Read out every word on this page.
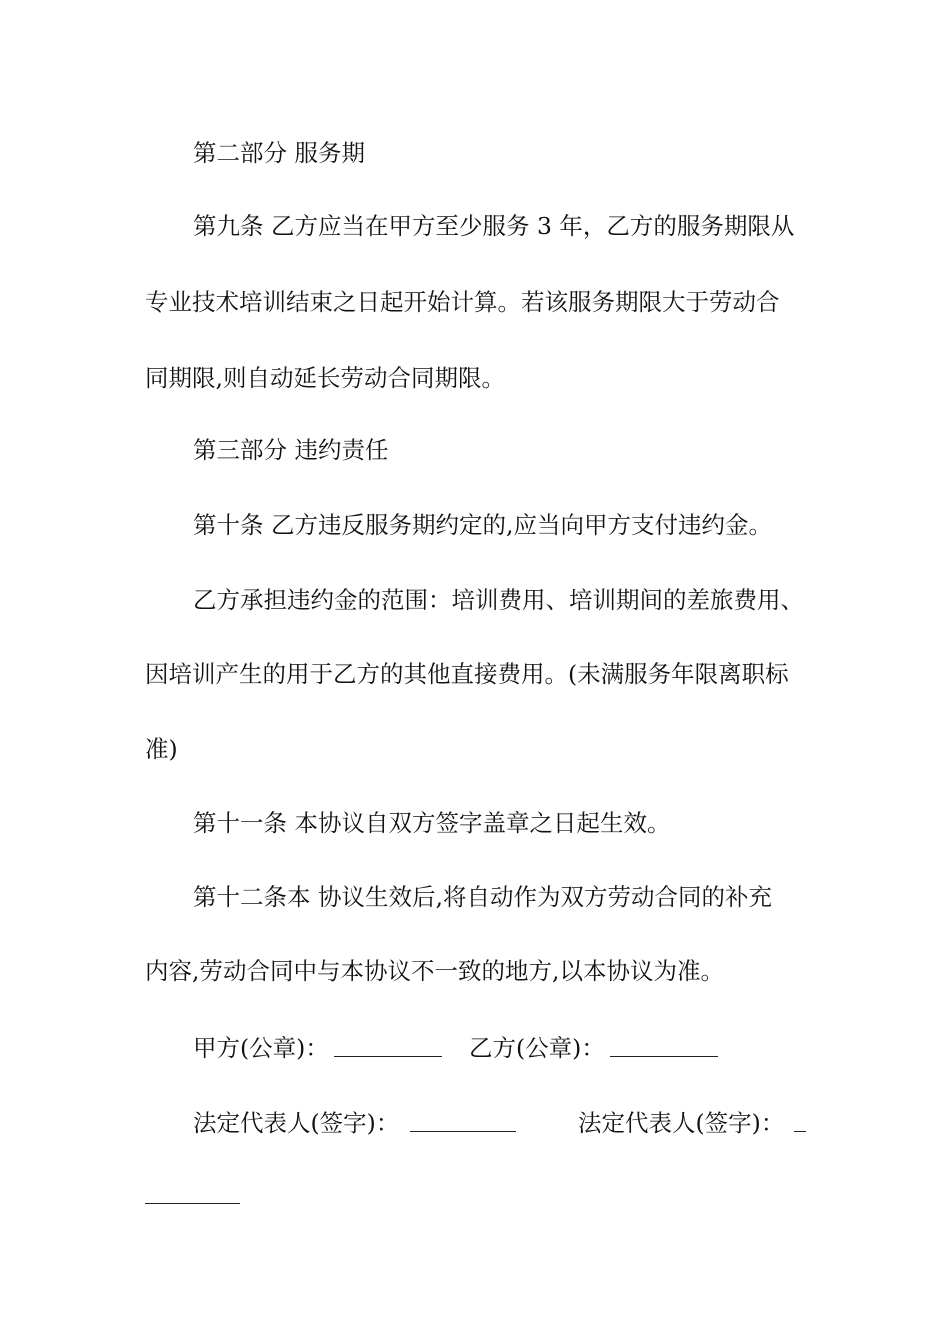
第二部分 服务期
第九条 乙方应当在甲方至少服务 3 年，乙方的服务期限从
专业技术培训结束之日起开始计算。若该服务期限大于劳动合
同期限,则自动延长劳动合同期限。
第三部分 违约责任
第十条 乙方违反服务期约定的,应当向甲方支付违约金。
乙方承担违约金的范围：培训费用、培训期间的差旅费用、
因培训产生的用于乙方的其他直接费用。(未满服务年限离职标
准)
第十一条 本协议自双方签字盖章之日起生效。
第十二条本 协议生效后,将自动作为双方劳动合同的补充
内容,劳动合同中与本协议不一致的地方,以本协议为准。
甲方(公章)：	乙方(公章)：
法定代表人(签字)：	法定代表人(签字)：
